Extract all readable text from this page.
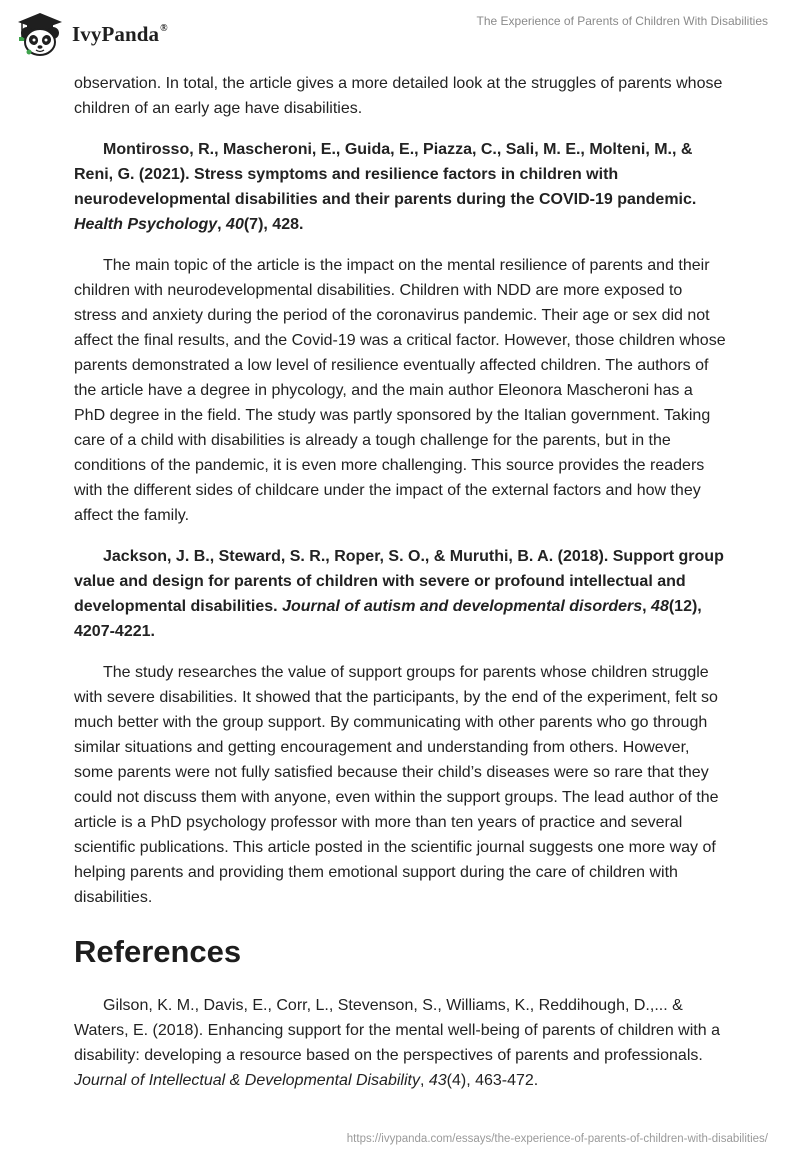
IvyPanda®	The Experience of Parents of Children With Disabilities

observation. In total, the article gives a more detailed look at the struggles of parents whose children of an early age have disabilities.

Montirosso, R., Mascheroni, E., Guida, E., Piazza, C., Sali, M. E., Molteni, M., & Reni, G. (2021). Stress symptoms and resilience factors in children with neurodevelopmental disabilities and their parents during the COVID-19 pandemic. Health Psychology, 40(7), 428.

The main topic of the article is the impact on the mental resilience of parents and their children with neurodevelopmental disabilities. Children with NDD are more exposed to stress and anxiety during the period of the coronavirus pandemic. Their age or sex did not affect the final results, and the Covid-19 was a critical factor. However, those children whose parents demonstrated a low level of resilience eventually affected children. The authors of the article have a degree in phycology, and the main author Eleonora Mascheroni has a PhD degree in the field. The study was partly sponsored by the Italian government. Taking care of a child with disabilities is already a tough challenge for the parents, but in the conditions of the pandemic, it is even more challenging. This source provides the readers with the different sides of childcare under the impact of the external factors and how they affect the family.

Jackson, J. B., Steward, S. R., Roper, S. O., & Muruthi, B. A. (2018). Support group value and design for parents of children with severe or profound intellectual and developmental disabilities. Journal of autism and developmental disorders, 48(12), 4207-4221.

The study researches the value of support groups for parents whose children struggle with severe disabilities. It showed that the participants, by the end of the experiment, felt so much better with the group support. By communicating with other parents who go through similar situations and getting encouragement and understanding from others. However, some parents were not fully satisfied because their child’s diseases were so rare that they could not discuss them with anyone, even within the support groups. The lead author of the article is a PhD psychology professor with more than ten years of practice and several scientific publications. This article posted in the scientific journal suggests one more way of helping parents and providing them emotional support during the care of children with disabilities.

References

Gilson, K. M., Davis, E., Corr, L., Stevenson, S., Williams, K., Reddihough, D.,... & Waters, E. (2018). Enhancing support for the mental well-being of parents of children with a disability: developing a resource based on the perspectives of parents and professionals. Journal of Intellectual & Developmental Disability, 43(4), 463-472.

https://ivypanda.com/essays/the-experience-of-parents-of-children-with-disabilities/
